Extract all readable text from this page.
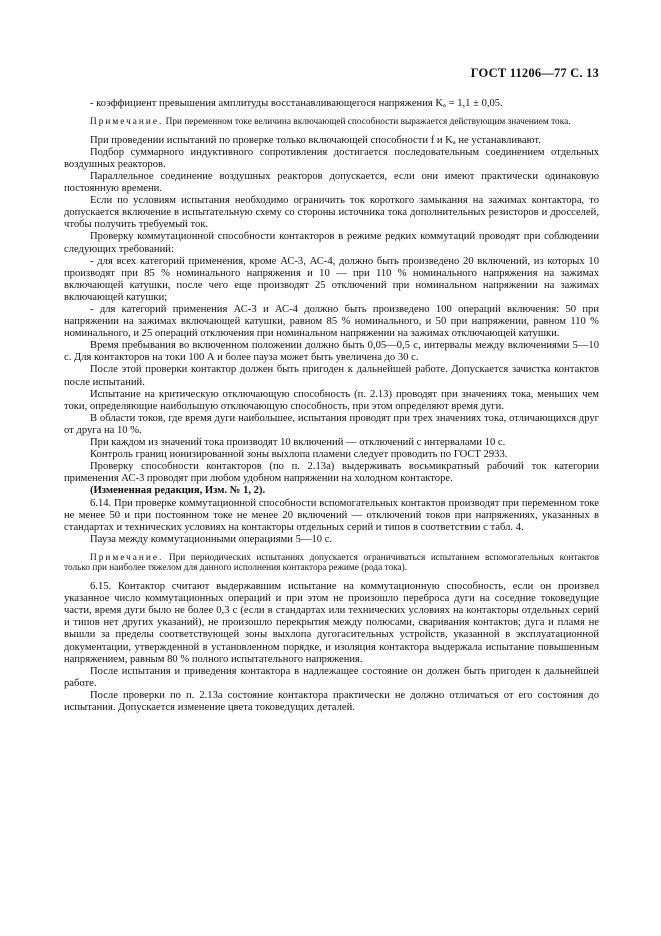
ГОСТ 11206—77 С. 13

- коэффициент превышения амплитуды восстанавливающегося напряжения Kₐ = 1,1 ± 0,05.

Примечание. При переменном токе величина включающей способности выражается действующим значением тока.

При проведении испытаний по проверке только включающей способности f и Kₐ не устанавливают.

Подбор суммарного индуктивного сопротивления достигается последовательным соединением отдельных воздушных реакторов.

Параллельное соединение воздушных реакторов допускается, если они имеют практически одинаковую постоянную времени.

Если по условиям испытания необходимо ограничить ток короткого замыкания на зажимах контактора, то допускается включение в испытательную схему со стороны источника тока дополнительных резисторов и дросселей, чтобы получить требуемый ток.

Проверку коммутационной способности контакторов в режиме редких коммутаций проводят при соблюдении следующих требований:

- для всех категорий применения, кроме АС-3, АС-4, должно быть произведено 20 включений, из которых 10 производят при 85 % номинального напряжения и 10 — при 110 % номинального напряжения на зажимах включающей катушки, после чего еще производят 25 отключений при номинальном напряжении на зажимах включающей катушки;

- для категорий применения АС-3 и АС-4 должно быть произведено 100 операций включения: 50 при напряжении на зажимах включающей катушки, равном 85 % номинального, и 50 при напряжении, равном 110 % номинального, и 25 операций отключения при номинальном напряжении на зажимах отключающей катушки.

Время пребывания во включенном положении должно быть 0,05—0,5 с, интервалы между включениями 5—10 с. Для контакторов на токи 100 А и более пауза может быть увеличена до 30 с.

После этой проверки контактор должен быть пригоден к дальнейшей работе. Допускается зачистка контактов после испытаний.

Испытание на критическую отключающую способность (п. 2.13) проводят при значениях тока, меньших чем токи, определяющие наибольшую отключающую способность, при этом определяют время дуги.

В области токов, где время дуги наибольшее, испытания проводят при трех значениях тока, отличающихся друг от друга на 10 %.

При каждом из значений тока производят 10 включений — отключений с интервалами 10 с.

Контроль границ ионизированной зоны выхлопа пламени следует проводить по ГОСТ 2933.

Проверку способности контакторов (по п. 2.13а) выдерживать восьмикратный рабочий ток категории применения АС-3 проводят при любом удобном напряжении на холодном контакторе.

(Измененная редакция, Изм. № 1, 2).

6.14. При проверке коммутационной способности вспомогательных контактов производят при переменном токе не менее 50 и при постоянном токе не менее 20 включений — отключений токов при напряжениях, указанных в стандартах и технических условиях на контакторы отдельных серий и типов в соответствии с табл. 4.

Пауза между коммутационными операциями 5—10 с.

Примечание. При периодических испытаниях допускается ограничиваться испытанием вспомогательных контактов только при наиболее тяжелом для данного исполнения контактора режиме (рода тока).

6.15. Контактор считают выдержавшим испытание на коммутационную способность, если он произвел указанное число коммутационных операций и при этом не произошло переброса дуги на соседние токоведущие части, время дуги было не более 0,3 с (если в стандартах или технических условиях на контакторы отдельных серий и типов нет других указаний), не произошло перекрытия между полюсами, сваривания контактов; дуга и пламя не вышли за пределы соответствующей зоны выхлопа дугогасительных устройств, указанной в эксплуатационной документации, утвержденной в установленном порядке, и изоляция контактора выдержала испытание повышенным напряжением, равным 80 % полного испытательного напряжения.

После испытания и приведения контактора в надлежащее состояние он должен быть пригоден к дальнейшей работе.

После проверки по п. 2.13а состояние контактора практически не должно отличаться от его состояния до испытания. Допускается изменение цвета токоведущих деталей.
